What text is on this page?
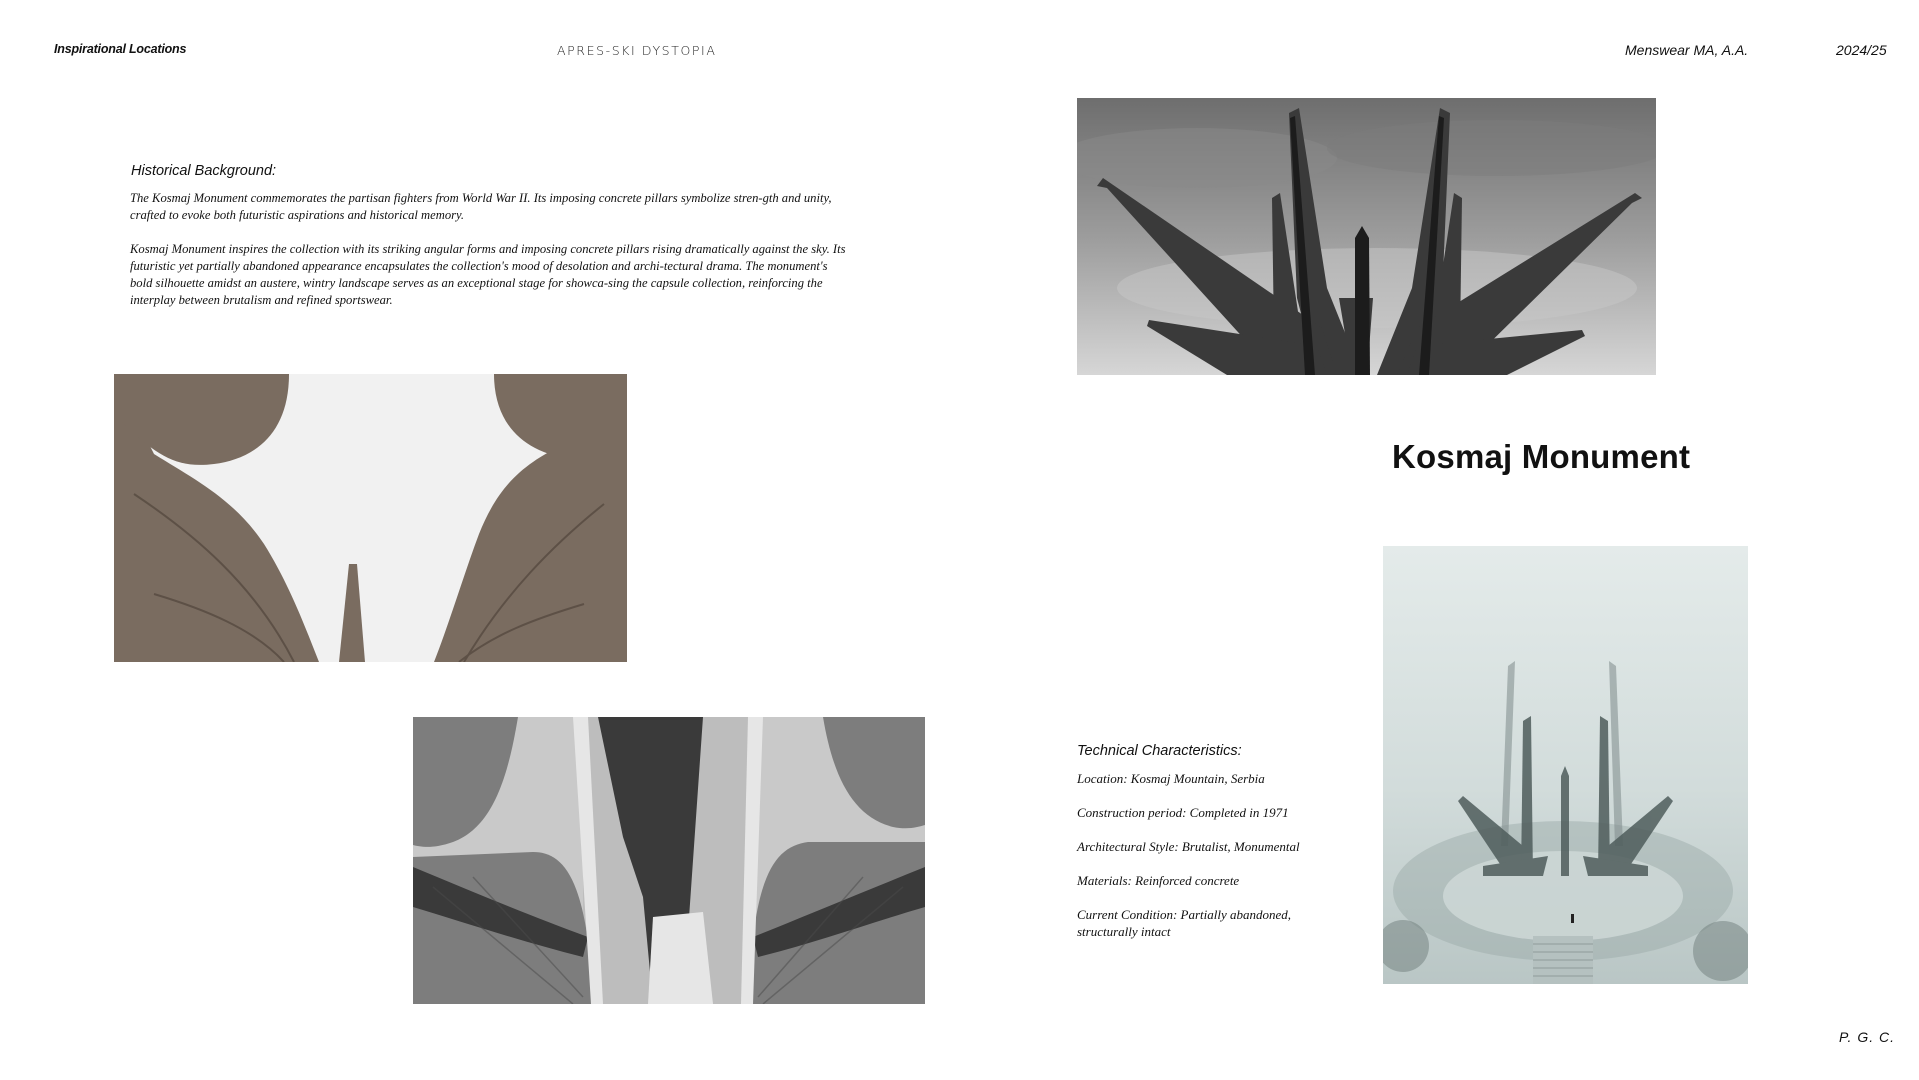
Inspirational Locations	APRES-SKI DYSTOPIA	Menswear MA, A.A.	2024/25
Historical Background:
The Kosmaj Monument commemorates the partisan fighters from World War II. Its imposing concrete pillars symbolize stren-gth and unity, crafted to evoke both futuristic aspirations and historical memory.
Kosmaj Monument inspires the collection with its striking angular forms and imposing concrete pillars rising dramatically against the sky. Its futuristic yet partially abandoned appearance encapsulates the collection's mood of desolation and archi-tectural drama. The monument's bold silhouette amidst an austere, wintry landscape serves as an exceptional stage for showca-sing the capsule collection, reinforcing the interplay between brutalism and refined sportswear.
Kosmaj Monument
Technical Characteristics:
Location: Kosmaj Mountain, Serbia
Construction period: Completed in 1971
Architectural Style: Brutalist, Monumental
Materials: Reinforced concrete
Current Condition: Partially abandoned, structurally intact
P. G. C.
